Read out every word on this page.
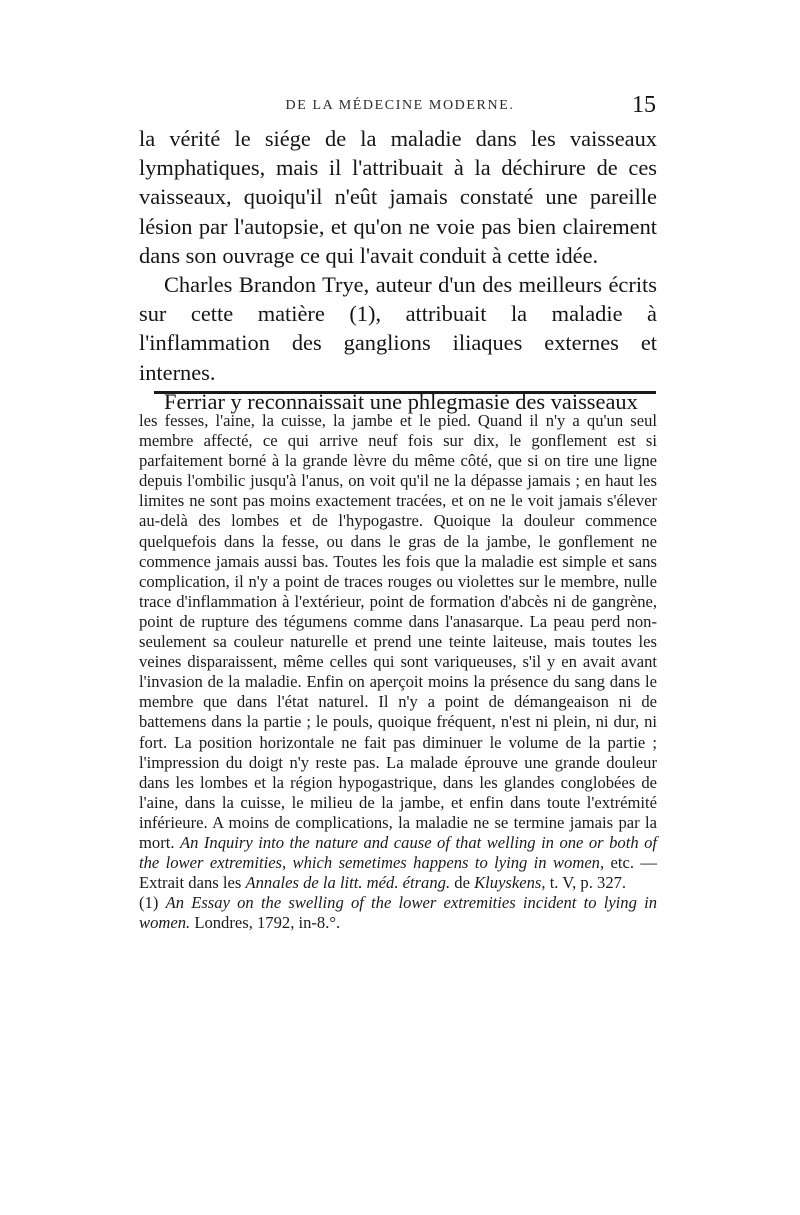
DE LA MÉDECINE MODERNE.	15

la vérité le siége de la maladie dans les vaisseaux lymphatiques, mais il l'attribuait à la déchirure de ces vaisseaux, quoiqu'il n'eût jamais constaté une pareille lésion par l'autopsie, et qu'on ne voie pas bien clairement dans son ouvrage ce qui l'avait conduit à cette idée.

Charles Brandon Trye, auteur d'un des meilleurs écrits sur cette matière (1), attribuait la maladie à l'inflammation des ganglions iliaques externes et internes.

Ferriar y reconnaissait une phlegmasie des vaisseaux

les fesses, l'aine, la cuisse, la jambe et le pied. Quand il n'y a qu'un seul membre affecté, ce qui arrive neuf fois sur dix, le gonflement est si parfaitement borné à la grande lèvre du même côté, que si on tire une ligne depuis l'ombilic jusqu'à l'anus, on voit qu'il ne la dépasse jamais ; en haut les limites ne sont pas moins exactement tracées, et on ne le voit jamais s'élever au-delà des lombes et de l'hypogastre. Quoique la douleur commence quelquefois dans la fesse, ou dans le gras de la jambe, le gonflement ne commence jamais aussi bas. Toutes les fois que la maladie est simple et sans complication, il n'y a point de traces rouges ou violettes sur le membre, nulle trace d'inflammation à l'extérieur, point de formation d'abcès ni de gangrène, point de rupture des tégumens comme dans l'anasarque. La peau perd non-seulement sa couleur naturelle et prend une teinte laiteuse, mais toutes les veines disparaissent, même celles qui sont variqueuses, s'il y en avait avant l'invasion de la maladie. Enfin on aperçoit moins la présence du sang dans le membre que dans l'état naturel. Il n'y a point de démangeaison ni de battemens dans la partie ; le pouls, quoique fréquent, n'est ni plein, ni dur, ni fort. La position horizontale ne fait pas diminuer le volume de la partie ; l'impression du doigt n'y reste pas. La malade éprouve une grande douleur dans les lombes et la région hypogastrique, dans les glandes conglobées de l'aine, dans la cuisse, le milieu de la jambe, et enfin dans toute l'extrémité inférieure. A moins de complications, la maladie ne se termine jamais par la mort. An Inquiry into the nature and cause of that welling in one or both of the lower extremities, which semetimes happens to lying in women, etc. — Extrait dans les Annales de la litt. méd. étrang. de Kluyskens, t. V, p. 327.

(1) An Essay on the swelling of the lower extremities incident to lying in women. Londres, 1792, in-8.°.
